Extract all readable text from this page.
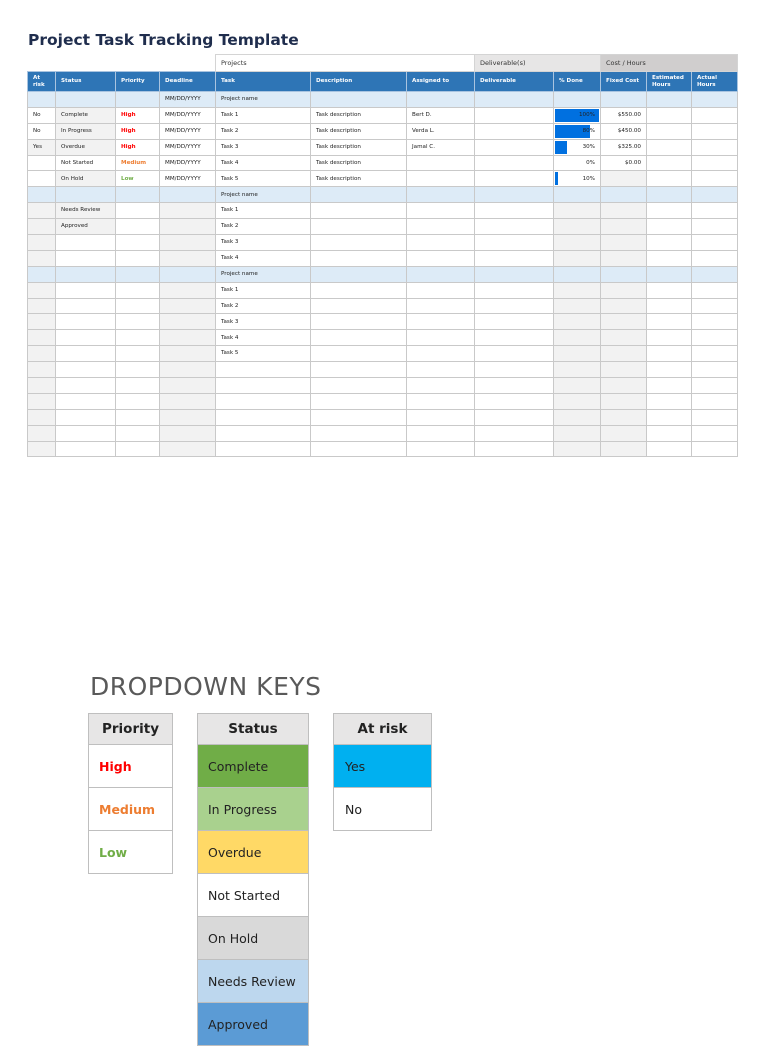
Project Task Tracking Template
				Projects			Deliverable(s)		Cost / Hours		
At risk	Status	Priority	Deadline	Task	Description	Assigned to	Deliverable	% Done	Fixed Cost	Estimated Hours	Actual Hours
			MM/DD/YYYY	Project name							
No	Complete	High	MM/DD/YYYY	Task 1	Task description	Bert D.		100%	$550.00		
No	In Progress	High	MM/DD/YYYY	Task 2	Task description	Verda L.		80%	$450.00		
Yes	Overdue	High	MM/DD/YYYY	Task 3	Task description	Jamal C.		30%	$325.00		
	Not Started	Medium	MM/DD/YYYY	Task 4	Task description			0%	$0.00		
	On Hold	Low	MM/DD/YYYY	Task 5	Task description			10%			
				Project name							
	Needs Review			Task 1							
	Approved			Task 2							
				Task 3							
				Task 4							
				Project name							
				Task 1							
				Task 2							
				Task 3							
				Task 4							
				Task 5							

DROPDOWN KEYS
Priority
High
Medium
Low
Status
Complete
In Progress
Overdue
Not Started
On Hold
Needs Review
Approved
At risk
Yes
No
